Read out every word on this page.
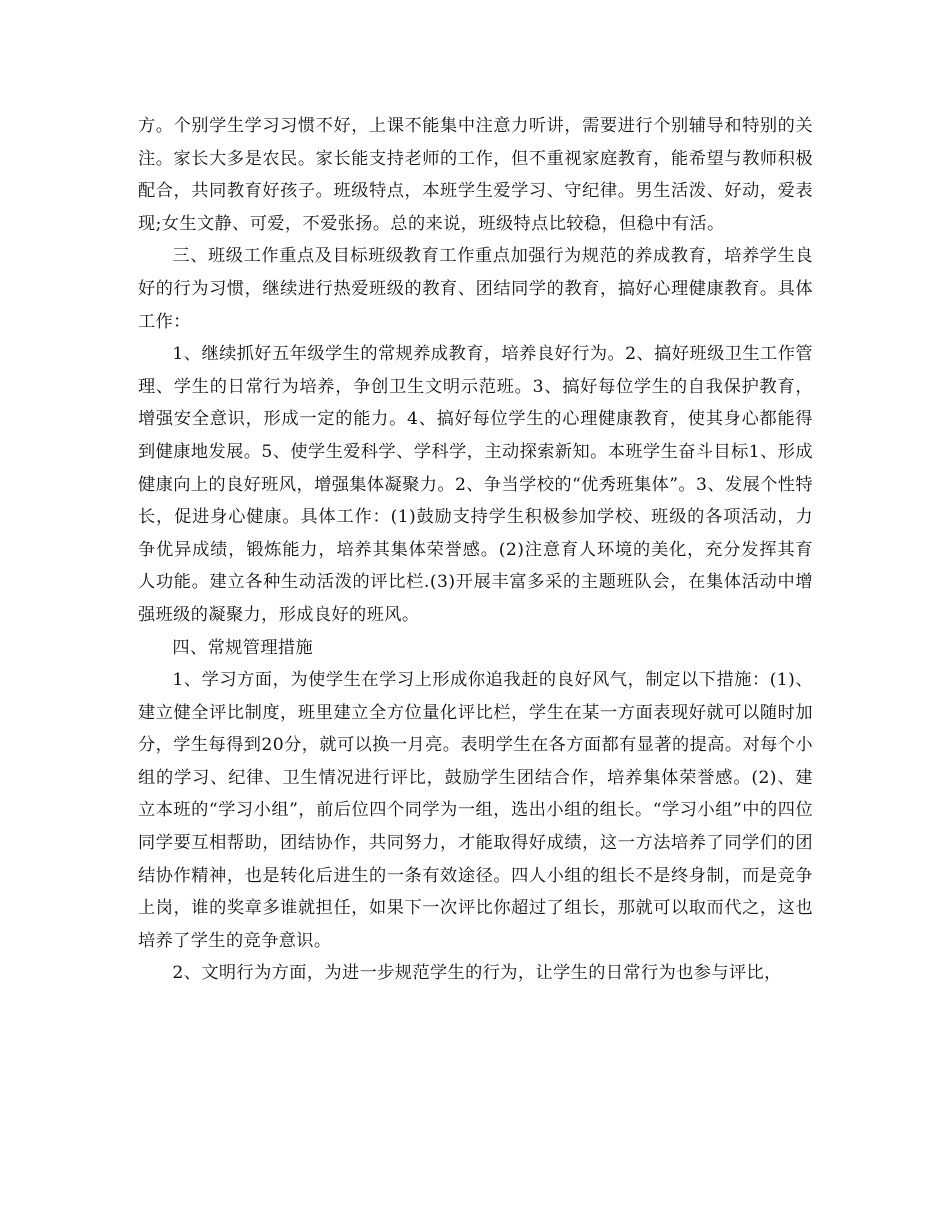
方。个别学生学习习惯不好，上课不能集中注意力听讲，需要进行个别辅导和特别的关注。家长大多是农民。家长能支持老师的工作，但不重视家庭教育，能希望与教师积极配合，共同教育好孩子。班级特点，本班学生爱学习、守纪律。男生活泼、好动，爱表现;女生文静、可爱，不爱张扬。总的来说，班级特点比较稳，但稳中有活。

三、班级工作重点及目标班级教育工作重点加强行为规范的养成教育，培养学生良好的行为习惯，继续进行热爱班级的教育、团结同学的教育，搞好心理健康教育。具体工作：

1、继续抓好五年级学生的常规养成教育，培养良好行为。2、搞好班级卫生工作管理、学生的日常行为培养，争创卫生文明示范班。3、搞好每位学生的自我保护教育，增强安全意识，形成一定的能力。4、搞好每位学生的心理健康教育，使其身心都能得到健康地发展。5、使学生爱科学、学科学，主动探索新知。本班学生奋斗目标1、形成健康向上的良好班风，增强集体凝聚力。2、争当学校的“优秀班集体”。3、发展个性特长，促进身心健康。具体工作：(1)鼓励支持学生积极参加学校、班级的各项活动，力争优异成绩，锻炼能力，培养其集体荣誉感。(2)注意育人环境的美化，充分发挥其育人功能。建立各种生动活泼的评比栏.(3)开展丰富多采的主题班队会，在集体活动中增强班级的凝聚力，形成良好的班风。

四、常规管理措施

1、学习方面，为使学生在学习上形成你追我赶的良好风气，制定以下措施：(1)、建立健全评比制度，班里建立全方位量化评比栏，学生在某一方面表现好就可以随时加分，学生每得到20分，就可以换一月亮。表明学生在各方面都有显著的提高。对每个小组的学习、纪律、卫生情况进行评比，鼓励学生团结合作，培养集体荣誉感。(2)、建立本班的“学习小组”，前后位四个同学为一组，选出小组的组长。“学习小组”中的四位同学要互相帮助，团结协作，共同努力，才能取得好成绩，这一方法培养了同学们的团结协作精神，也是转化后进生的一条有效途径。四人小组的组长不是终身制，而是竞争上岗，谁的奖章多谁就担任，如果下一次评比你超过了组长，那就可以取而代之，这也培养了学生的竞争意识。

2、文明行为方面，为进一步规范学生的行为，让学生的日常行为也参与评比，
